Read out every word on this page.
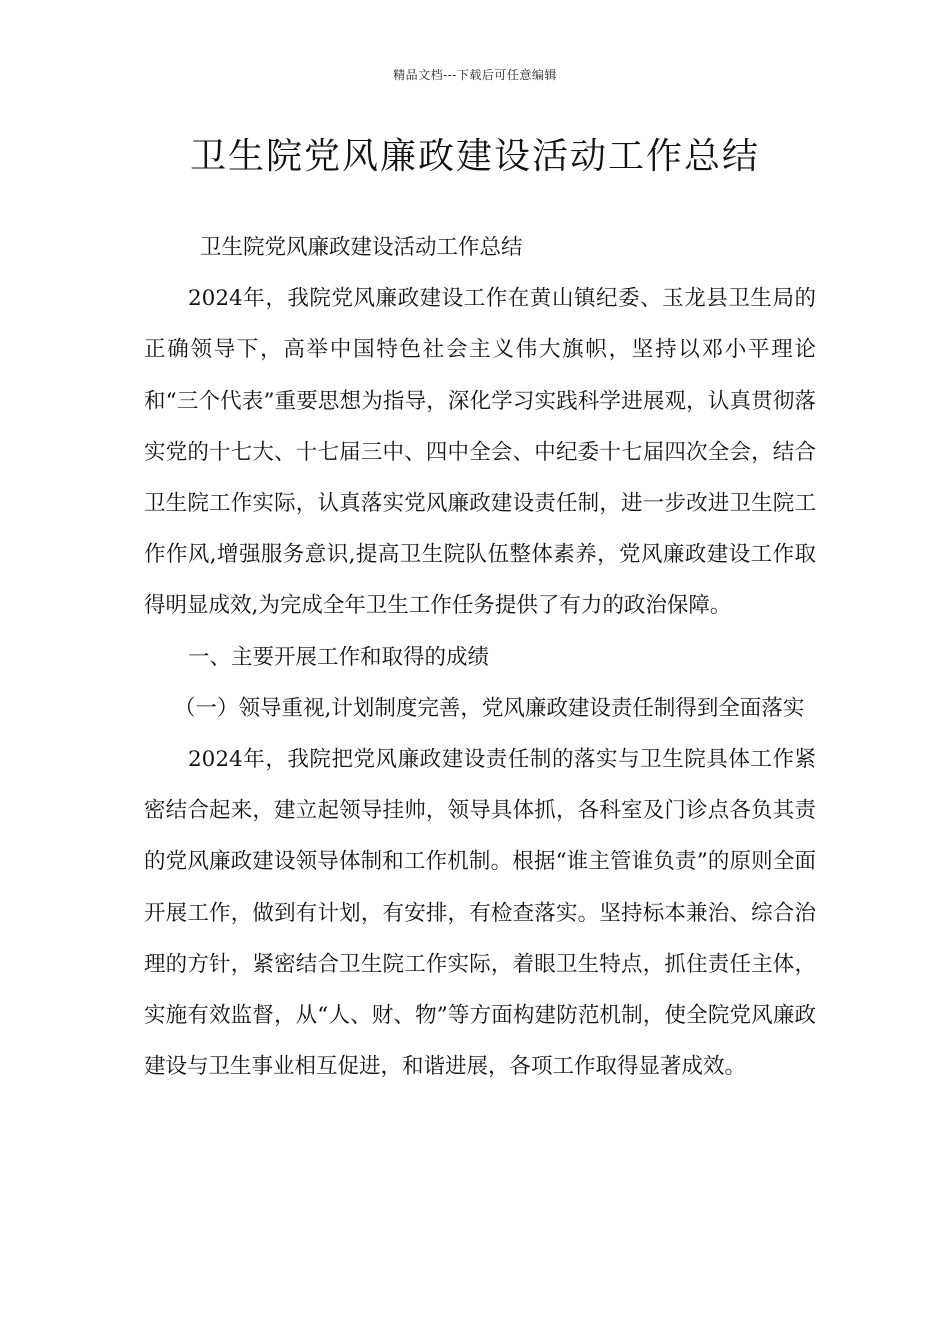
精品文档---下载后可任意编辑
卫生院党风廉政建设活动工作总结

卫生院党风廉政建设活动工作总结

2024年，我院党风廉政建设工作在黄山镇纪委、玉龙县卫生局的正确领导下，高举中国特色社会主义伟大旗帜，坚持以邓小平理论和“三个代表”重要思想为指导，深化学习实践科学进展观，认真贯彻落实党的十七大、十七届三中、四中全会、中纪委十七届四次全会，结合卫生院工作实际，认真落实党风廉政建设责任制，进一步改进卫生院工作作风,增强服务意识,提高卫生院队伍整体素养，党风廉政建设工作取得明显成效,为完成全年卫生工作任务提供了有力的政治保障。

一、主要开展工作和取得的成绩

（一）领导重视,计划制度完善，党风廉政建设责任制得到全面落实

2024年，我院把党风廉政建设责任制的落实与卫生院具体工作紧密结合起来，建立起领导挂帅，领导具体抓，各科室及门诊点各负其责的党风廉政建设领导体制和工作机制。根据“谁主管谁负责”的原则全面开展工作，做到有计划，有安排，有检查落实。坚持标本兼治、综合治理的方针，紧密结合卫生院工作实际，着眼卫生特点，抓住责任主体，实施有效监督，从“人、财、物”等方面构建防范机制，使全院党风廉政建设与卫生事业相互促进，和谐进展，各项工作取得显著成效。
